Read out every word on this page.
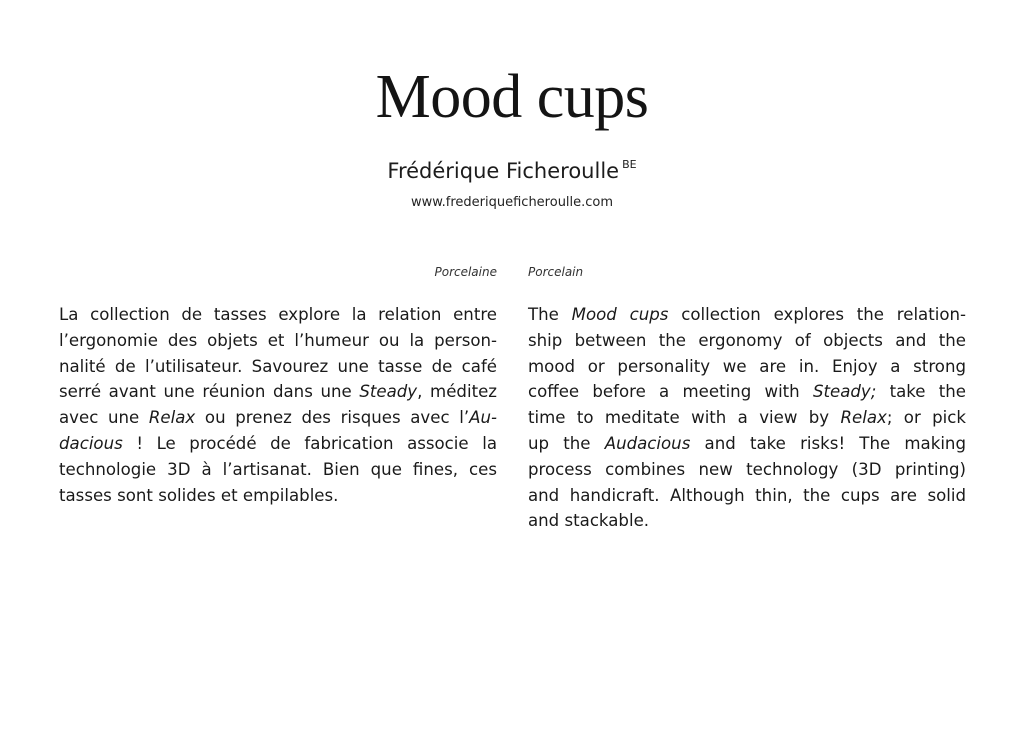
Mood cups
Frédérique Ficheroulle $^{BE}$
www.frederiqueficheroulle.com
Porcelaine	Porcelain
La collection de tasses explore la relation entre
l’ergonomie des objets et l’humeur ou la person-
nalité de l’utilisateur. Savourez une tasse de café
serré avant une réunion dans une Steady, méditez
avec une Relax ou prenez des risques avec l’Au-
dacious ! Le procédé de fabrication associe la
technologie 3D à l’artisanat. Bien que fines, ces
tasses sont solides et empilables.
The Mood cups collection explores the relation-
ship between the ergonomy of objects and the
mood or personality we are in. Enjoy a strong
coffee before a meeting with Steady; take the
time to meditate with a view by Relax; or pick
up the Audacious and take risks! The making
process combines new technology (3D printing)
and handicraft. Although thin, the cups are solid
and stackable.
